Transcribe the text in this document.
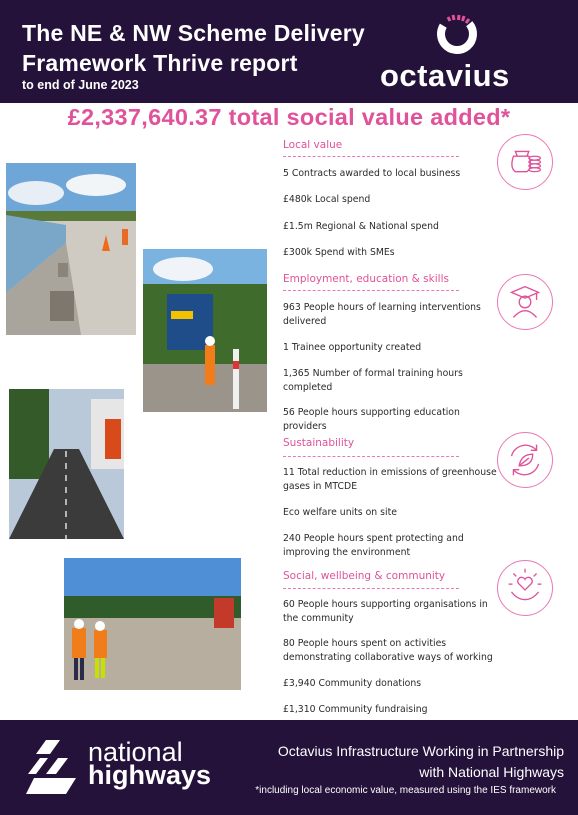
The NE & NW Scheme Delivery
Framework Thrive report
to end of June 2023	octavius
£2,337,640.37 total social value added*
Local value
5 Contracts awarded to local business
£480k Local spend
£1.5m Regional & National spend
£300k Spend with SMEs
Employment, education & skills
963 People hours of learning interventions delivered
1 Trainee opportunity created
1,365 Number of formal training hours completed
56 People hours supporting education providers
Sustainability
11 Total reduction in emissions of greenhouse gases in MTCDE
Eco welfare units on site
240 People hours spent protecting and improving the environment
Social, wellbeing & community
60 People hours supporting organisations in the community
80 People hours spent on activities demonstrating collaborative ways of working
£3,940 Community donations
£1,310 Community fundraising
national
highways
Octavius Infrastructure Working in Partnership
with National Highways
*including local economic value, measured using the IES framework
